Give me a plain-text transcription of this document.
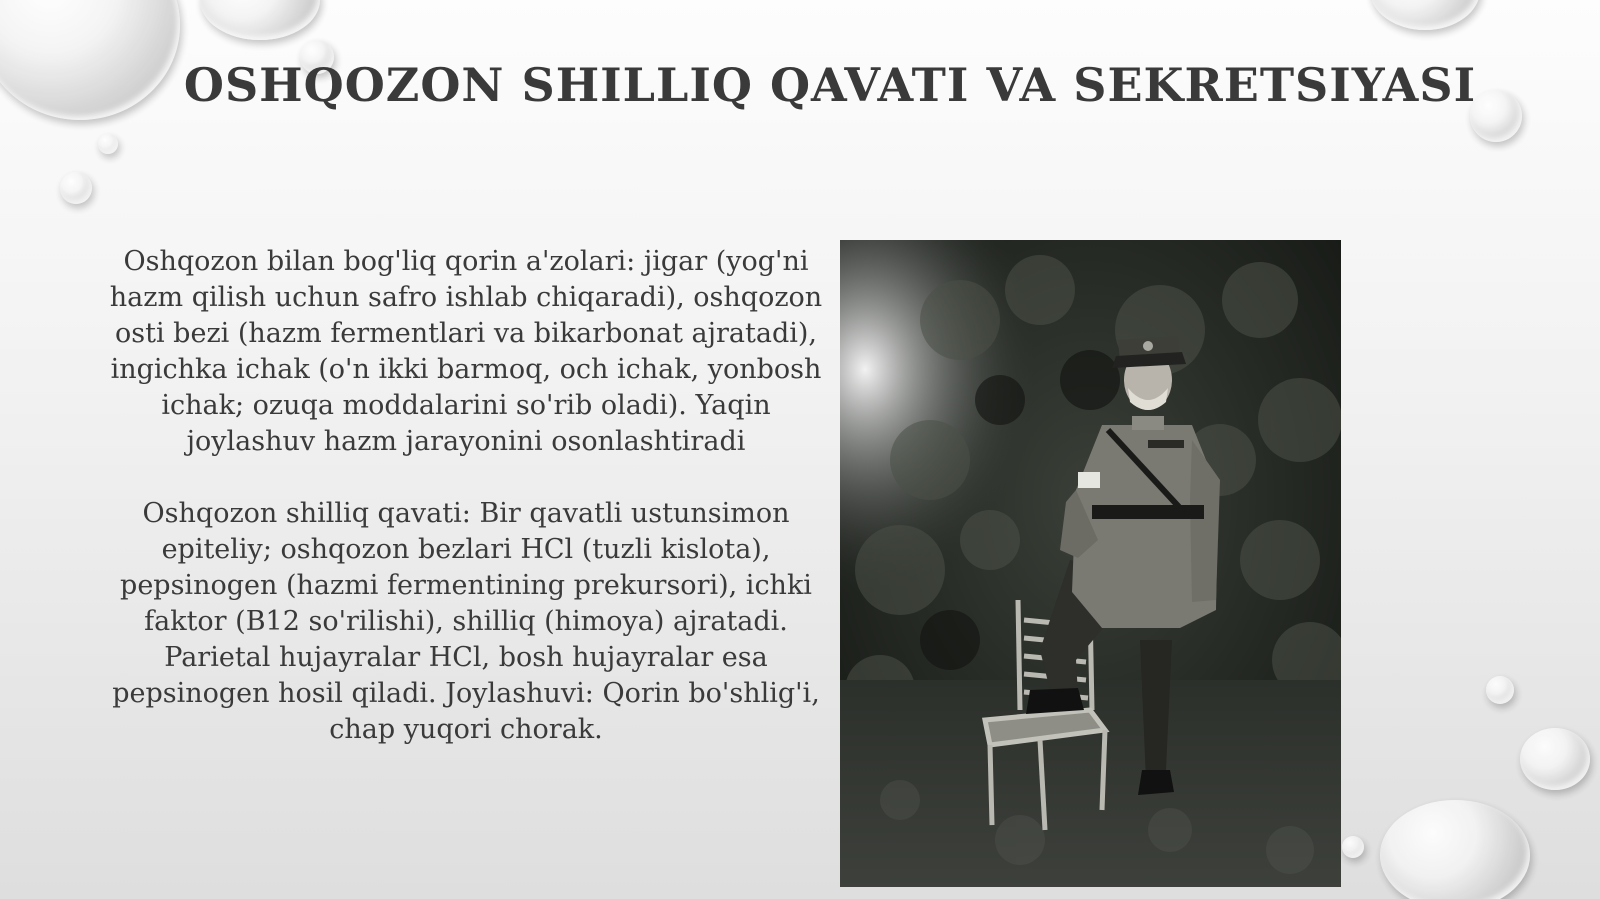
OSHQOZON SHILLIQ QAVATI VA SEKRETSIYASI

Oshqozon bilan bog'liq qorin a'zolari: jigar (yog'ni hazm qilish uchun safro ishlab chiqaradi), oshqozon osti bezi (hazm fermentlari va bikarbonat ajratadi), ingichka ichak (o'n ikki barmoq, och ichak, yonbosh ichak; ozuqa moddalarini so'rib oladi). Yaqin joylashuv hazm jarayonini osonlashtiradi

Oshqozon shilliq qavati: Bir qavatli ustunsimon epiteliy; oshqozon bezlari HCl (tuzli kislota), pepsinogen (hazmi fermentining prekursori), ichki faktor (B12 so'rilishi), shilliq (himoya) ajratadi. Parietal hujayralar HCl, bosh hujayralar esa pepsinogen hosil qiladi. Joylashuvi: Qorin bo'shlig'i, chap yuqori chorak.
